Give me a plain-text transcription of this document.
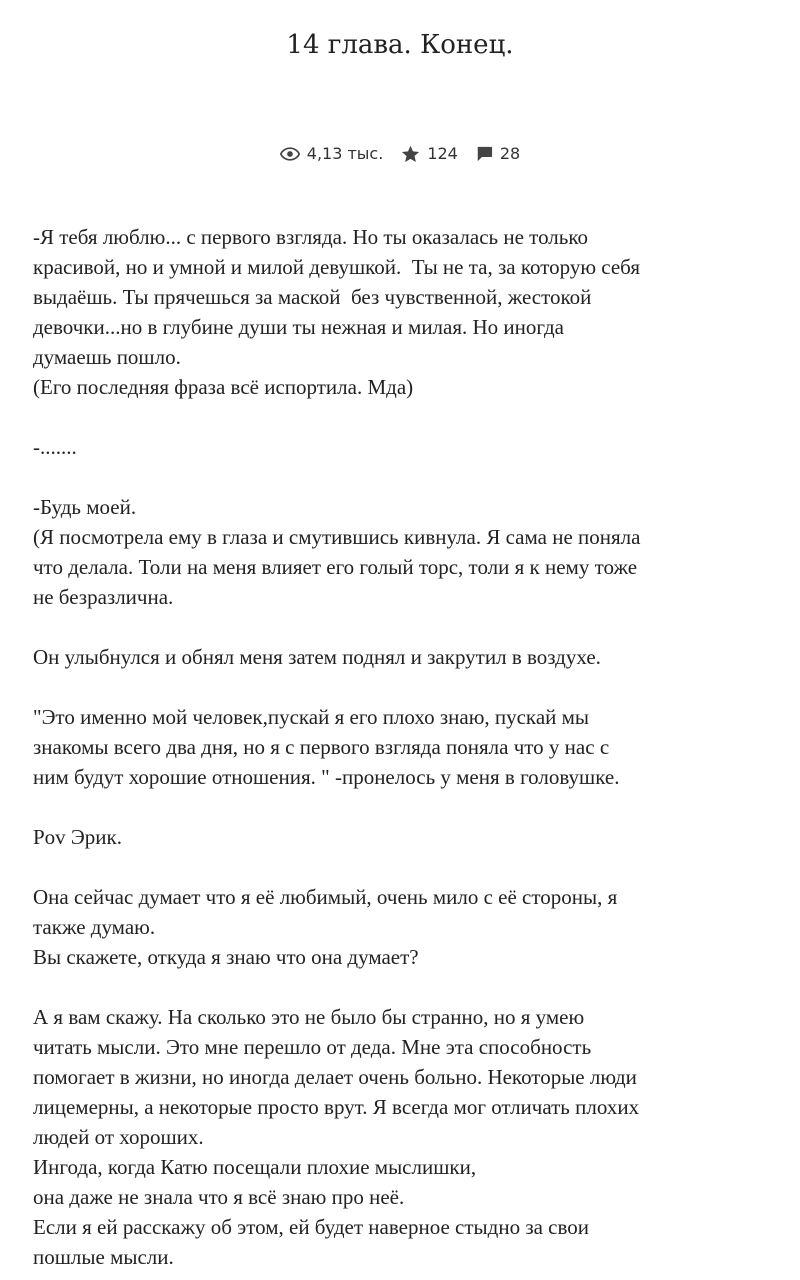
14 глава. Конец.
4,13 тыс.	124	28

-Я тебя люблю... с первого взгляда. Но ты оказалась не только

красивой, но и умной и милой девушкой.  Ты не та, за которую себя

выдаёшь. Ты прячешься за маской  без чувственной, жестокой

девочки...но в глубине души ты нежная и милая. Но иногда

думаешь пошло.

(Его последняя фраза всё испортила. Мда)

-.......

-Будь моей.

(Я посмотрела ему в глаза и смутившись кивнула. Я сама не поняла

что делала. Толи на меня влияет его голый торс, толи я к нему тоже

не безразлична.

Он улыбнулся и обнял меня затем поднял и закрутил в воздухе.

"Это именно мой человек,пускай я его плохо знаю, пускай мы

знакомы всего два дня, но я с первого взгляда поняла что у нас с

ним будут хорошие отношения. " -пронелось у меня в головушке.

Pov Эрик.

Она сейчас думает что я её любимый, очень мило с её стороны, я

также думаю.

Вы скажете, откуда я знаю что она думает?

А я вам скажу. На сколько это не было бы странно, но я умею

читать мысли. Это мне перешло от деда. Мне эта способность

помогает в жизни, но иногда делает очень больно. Некоторые люди

лицемерны, а некоторые просто врут. Я всегда мог отличать плохих

людей от хороших.

Ингода, когда Катю посещали плохие мыслишки,

она даже не знала что я всё знаю про неё.

Если я ей расскажу об этом, ей будет наверное стыдно за свои

пошлые мысли.
